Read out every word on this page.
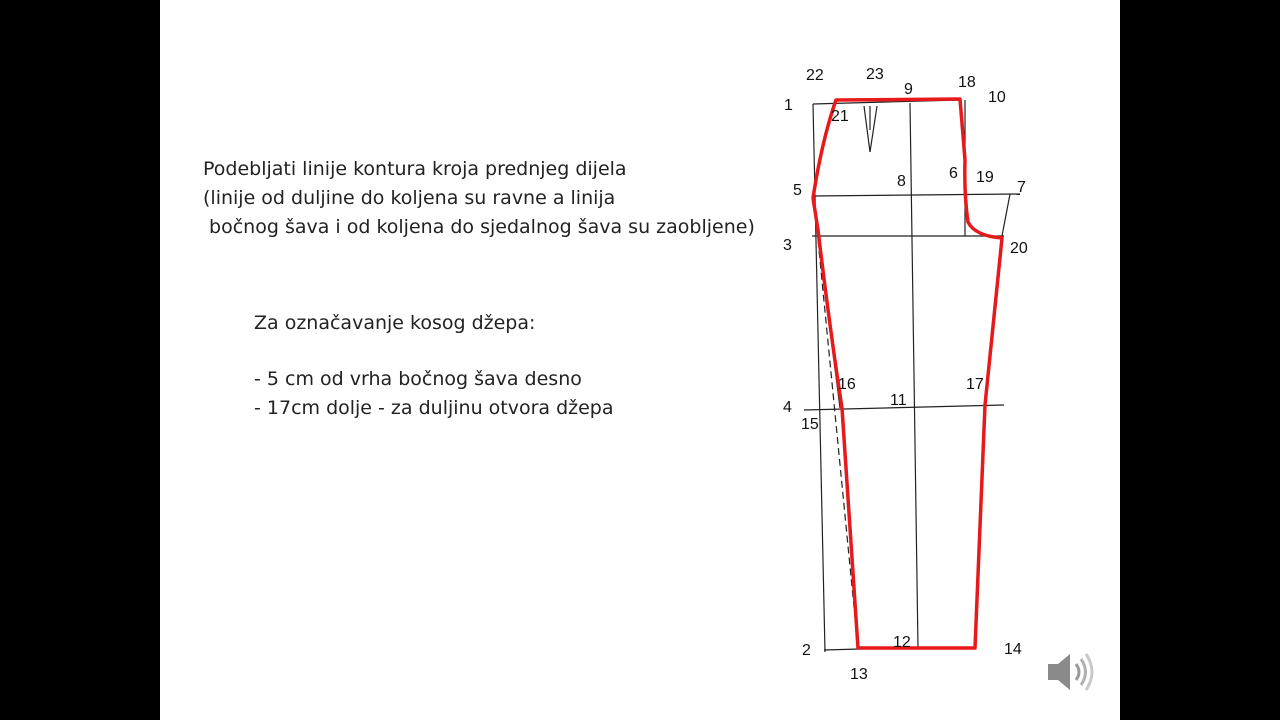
Podebljati linije kontura kroja prednjeg dijela
(linije od duljine do koljena su ravne a linija
bočnog šava i od koljena do sjedalnog šava su zaobljene)
Za označavanje kosog džepa:
- 5 cm od vrha bočnog šava desno
- 17cm dolje - za duljinu otvora džepa
22	23
9	18
10
1
21
5
8	6 19
7
3	20
16	17
11
4
15
12	14
2
13
